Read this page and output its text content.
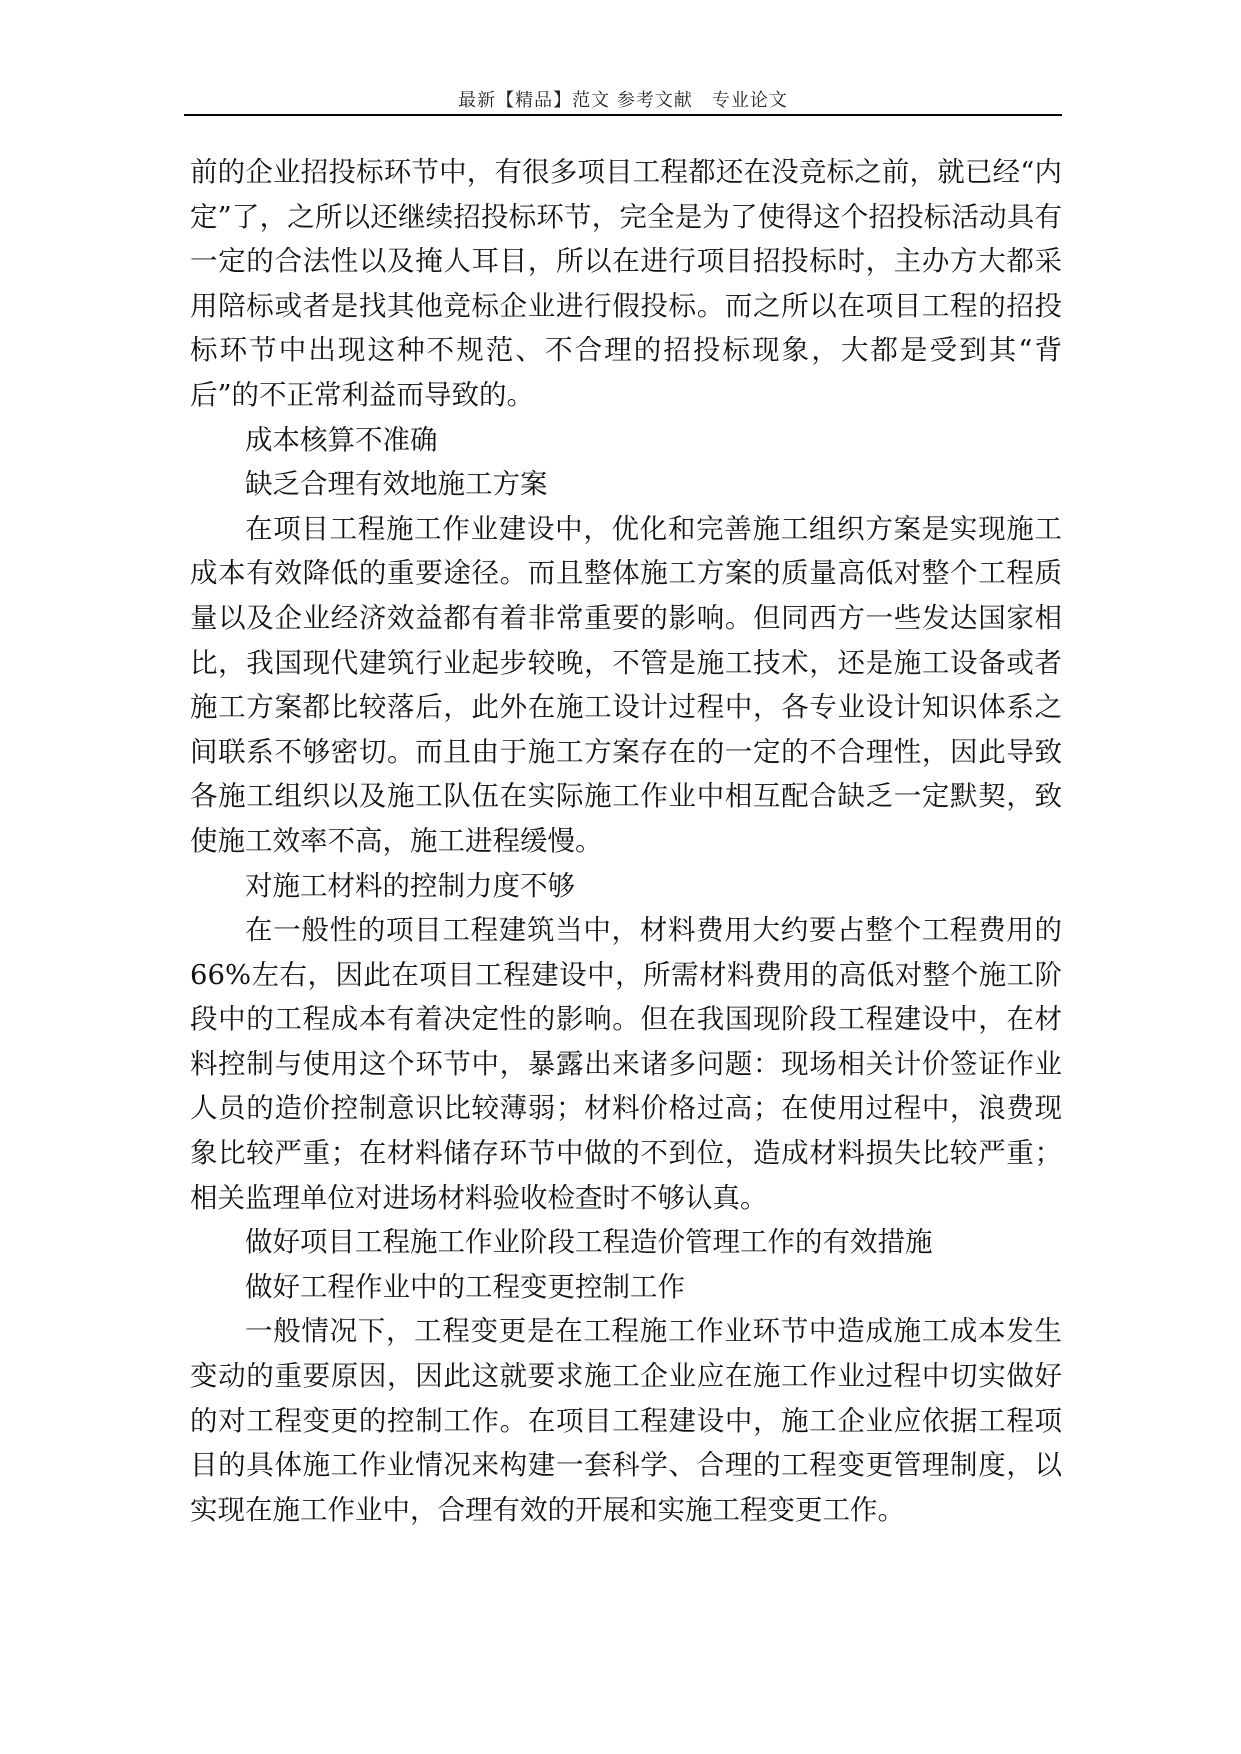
最新【精品】范文 参考文献　专业论文

前的企业招投标环节中，有很多项目工程都还在没竞标之前，就已经“内定”了，之所以还继续招投标环节，完全是为了使得这个招投标活动具有一定的合法性以及掩人耳目，所以在进行项目招投标时，主办方大都采用陪标或者是找其他竞标企业进行假投标。而之所以在项目工程的招投标环节中出现这种不规范、不合理的招投标现象，大都是受到其“背后”的不正常利益而导致的。

成本核算不准确

缺乏合理有效地施工方案

在项目工程施工作业建设中，优化和完善施工组织方案是实现施工成本有效降低的重要途径。而且整体施工方案的质量高低对整个工程质量以及企业经济效益都有着非常重要的影响。但同西方一些发达国家相比，我国现代建筑行业起步较晚，不管是施工技术，还是施工设备或者施工方案都比较落后，此外在施工设计过程中，各专业设计知识体系之间联系不够密切。而且由于施工方案存在的一定的不合理性，因此导致各施工组织以及施工队伍在实际施工作业中相互配合缺乏一定默契，致使施工效率不高，施工进程缓慢。

对施工材料的控制力度不够

在一般性的项目工程建筑当中，材料费用大约要占整个工程费用的66%左右，因此在项目工程建设中，所需材料费用的高低对整个施工阶段中的工程成本有着决定性的影响。但在我国现阶段工程建设中，在材料控制与使用这个环节中，暴露出来诸多问题：现场相关计价签证作业人员的造价控制意识比较薄弱；材料价格过高；在使用过程中，浪费现象比较严重；在材料储存环节中做的不到位，造成材料损失比较严重；相关监理单位对进场材料验收检查时不够认真。

做好项目工程施工作业阶段工程造价管理工作的有效措施

做好工程作业中的工程变更控制工作

一般情况下，工程变更是在工程施工作业环节中造成施工成本发生变动的重要原因，因此这就要求施工企业应在施工作业过程中切实做好的对工程变更的控制工作。在项目工程建设中，施工企业应依据工程项目的具体施工作业情况来构建一套科学、合理的工程变更管理制度，以实现在施工作业中，合理有效的开展和实施工程变更工作。
